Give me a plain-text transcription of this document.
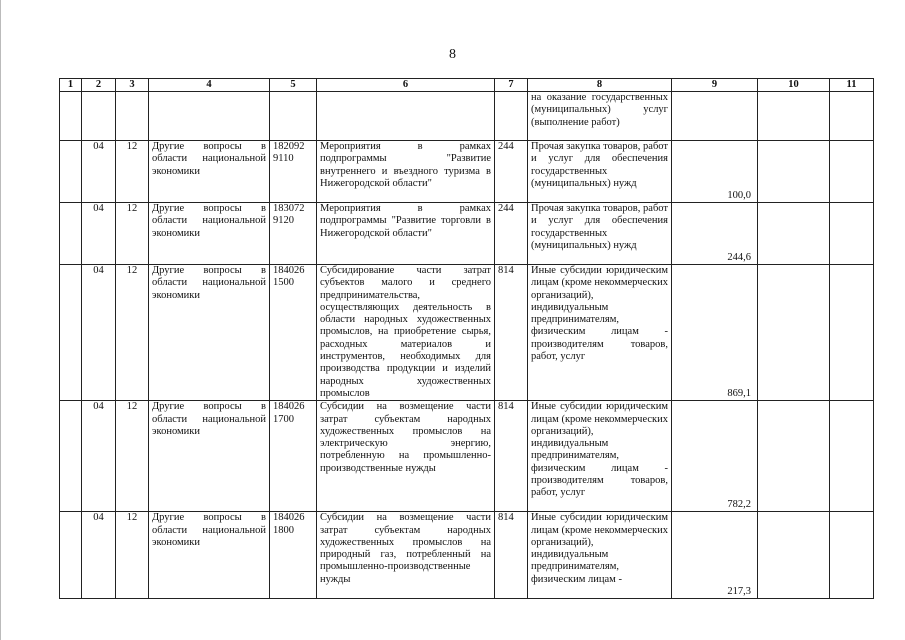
8
1	2	3	4	5	6	7	8	9	10	11
							на оказание государственных (муниципальных) услуг (выполнение работ)			
	04	12	Другие вопросы в области национальной экономики	182092 9110	Мероприятия в рамках подпрограммы "Развитие внутреннего и въездного туризма в Нижегородской области"	244	Прочая закупка товаров, работ и услуг для обеспечения государственных (муниципальных) нужд	100,0		
	04	12	Другие вопросы в области национальной экономики	183072 9120	Мероприятия в рамках подпрограммы "Развитие торговли в Нижегородской области"	244	Прочая закупка товаров, работ и услуг для обеспечения государственных (муниципальных) нужд	244,6		
	04	12	Другие вопросы в области национальной экономики	184026 1500	Субсидирование части затрат субъектов малого и среднего предпринимательства, осуществляющих деятельность в области народных художественных промыслов, на приобретение сырья, расходных материалов и инструментов, необходимых для производства продукции и изделий народных художественных промыслов	814	Иные субсидии юридическим лицам (кроме некоммерческих организаций), индивидуальным предпринимателям, физическим лицам - производителям товаров, работ, услуг	869,1		
	04	12	Другие вопросы в области национальной экономики	184026 1700	Субсидии на возмещение части затрат субъектам народных художественных промыслов на электрическую энергию, потребленную на промышленно-производственные нужды	814	Иные субсидии юридическим лицам (кроме некоммерческих организаций), индивидуальным предпринимателям, физическим лицам - производителям товаров, работ, услуг	782,2		
	04	12	Другие вопросы в области национальной экономики	184026 1800	Субсидии на возмещение части затрат субъектам народных художественных промыслов на природный газ, потребленный на промышленно-производственные нужды	814	Иные субсидии юридическим лицам (кроме некоммерческих организаций), индивидуальным предпринимателям, физическим лицам -	217,3		
